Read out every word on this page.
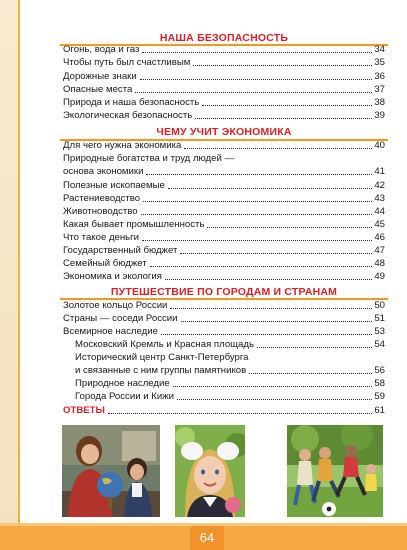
НАША БЕЗОПАСНОСТЬ
Огонь, вода и газ	34
Чтобы путь был счастливым	35
Дорожные знаки	36
Опасные места	37
Природа и наша безопасность	38
Экологическая безопасность	39
ЧЕМУ УЧИТ ЭКОНОМИКА
Для чего нужна экономика	40
Природные богатства и труд людей —
основа экономики	41
Полезные ископаемые	42
Растениеводство	43
Животноводство	44
Какая бывает промышленность	45
Что такое деньги	46
Государственный бюджет	47
Семейный бюджет	48
Экономика и экология	49
ПУТЕШЕСТВИЕ ПО ГОРОДАМ И СТРАНАМ
Золотое кольцо России	50
Страны — соседи России	51
Всемирное наследие	53
Московский Кремль и Красная площадь	54
Исторический центр Санкт-Петербурга
и связанные с ним группы памятников	56
Природное наследие	58
Города России и Кижи	59
ОТВЕТЫ	61
64
